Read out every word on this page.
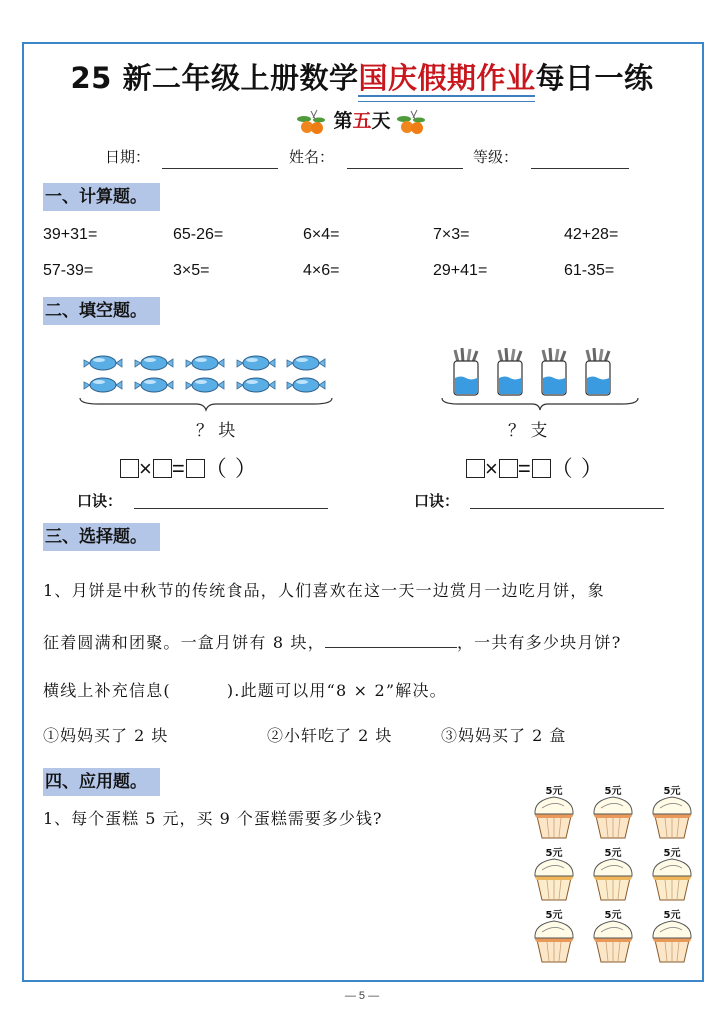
25 新二年级上册数学国庆假期作业每日一练
第五天
日期：	姓名：	等级：
一、计算题。
39+31=	65-26=	6×4=	7×3=	42+28=
57-39=	3×5=	4×6=	29+41=	61-35=
二、填空题。
？ 块	？ 支
× = （ ）	× = （ ）
口诀：	口诀：
三、选择题。
1、月饼是中秋节的传统食品，人们喜欢在这一天一边赏月一边吃月饼，象
征着圆满和团聚。一盒月饼有 8 块，	，一共有多少块月饼?
横线上补充信息(	).此题可以用“8 × 2”解决。
①妈妈买了 2 块	②小轩吃了 2 块	③妈妈买了 2 盒
四、应用题。
1、每个蛋糕 5 元，买 9 个蛋糕需要多少钱?
5元	5元	5元
5元	5元	5元
5元	5元	5元
— 5 —
